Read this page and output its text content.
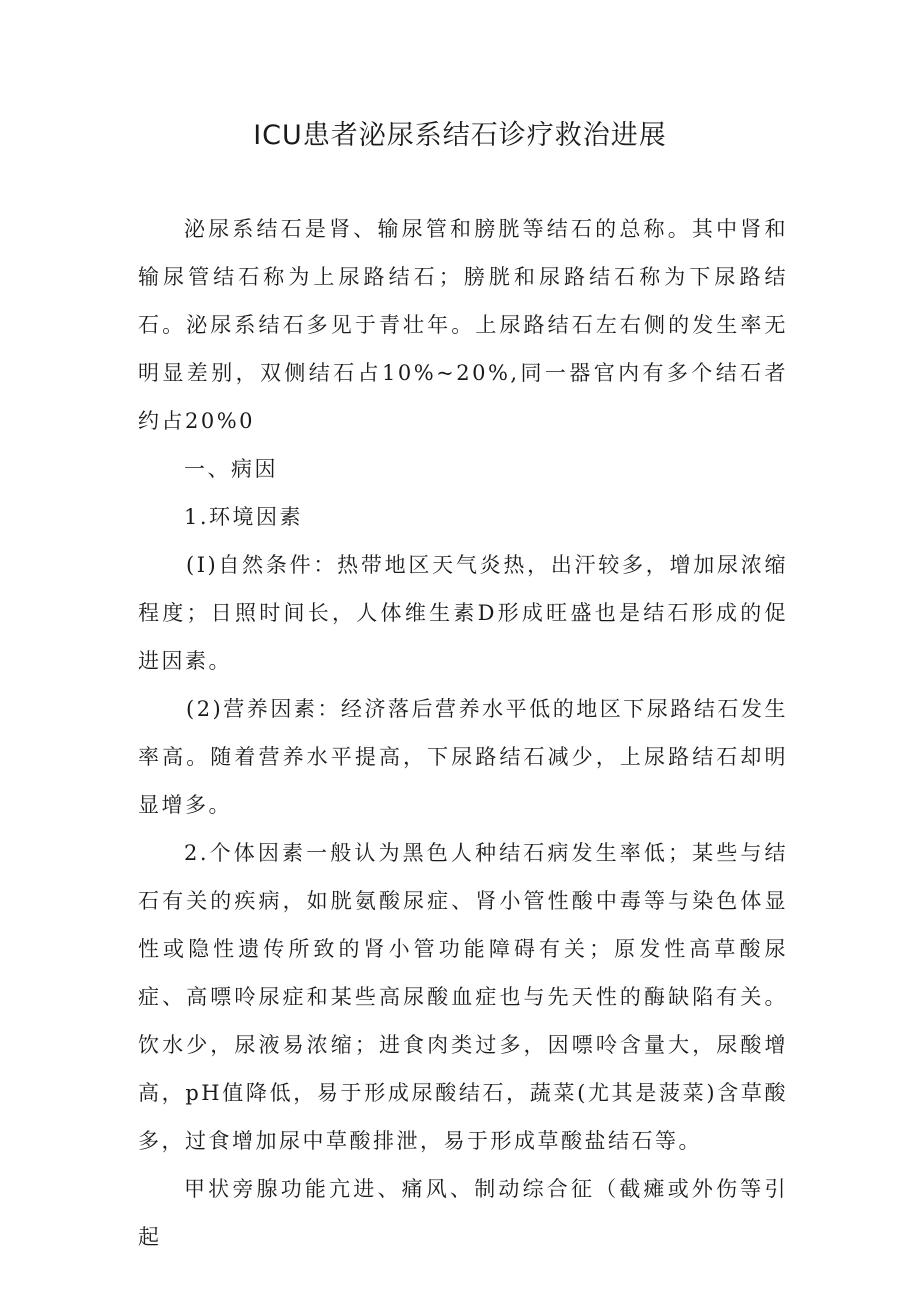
ICU患者泌尿系结石诊疗救治进展

泌尿系结石是肾、输尿管和膀胱等结石的总称。其中肾和输尿管结石称为上尿路结石；膀胱和尿路结石称为下尿路结石。泌尿系结石多见于青壮年。上尿路结石左右侧的发生率无明显差别，双侧结石占10%~20%,同一器官内有多个结石者约占20%0

一、病因

1.环境因素

(I)自然条件：热带地区天气炎热，出汗较多，增加尿浓缩程度；日照时间长，人体维生素D形成旺盛也是结石形成的促进因素。

(2)营养因素：经济落后营养水平低的地区下尿路结石发生率高。随着营养水平提高，下尿路结石减少，上尿路结石却明显增多。

2.个体因素一般认为黑色人种结石病发生率低；某些与结石有关的疾病，如胱氨酸尿症、肾小管性酸中毒等与染色体显性或隐性遗传所致的肾小管功能障碍有关；原发性高草酸尿症、高嘌呤尿症和某些高尿酸血症也与先天性的酶缺陷有关。饮水少，尿液易浓缩；进食肉类过多，因嘌呤含量大，尿酸增高，pH值降低，易于形成尿酸结石，蔬菜(尤其是菠菜)含草酸多，过食增加尿中草酸排泄，易于形成草酸盐结石等。

甲状旁腺功能亢进、痛风、制动综合征（截瘫或外伤等引起
